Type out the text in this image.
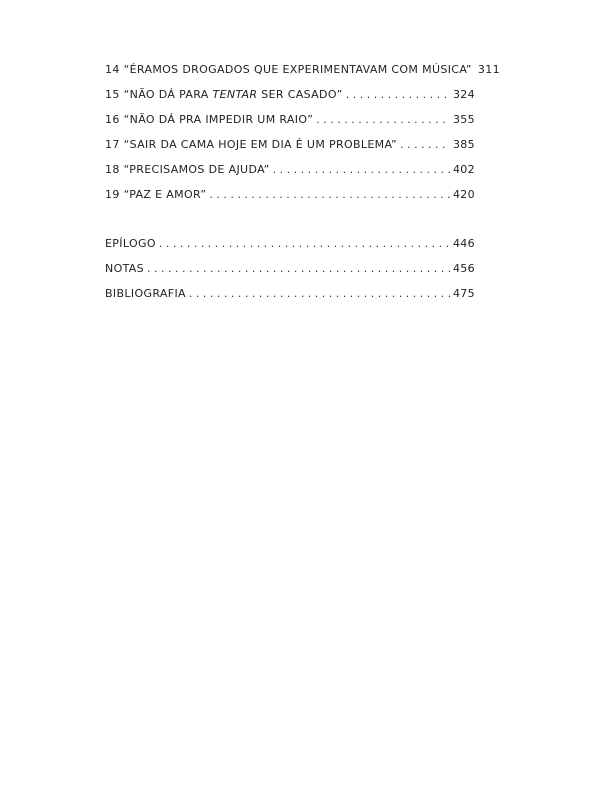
14 “ÉRAMOS DROGADOS QUE EXPERIMENTAVAM COM MÚSICA” 311
15 “NÃO DÁ PARA TENTAR SER CASADO” . . .	324
16 “NÃO DÁ PRA IMPEDIR UM RAIO” . . .	355
17 “SAIR DA CAMA HOJE EM DIA É UM PROBLEMA” . . .	385
18 “PRECISAMOS DE AJUDA” . . .	402
19 “PAZ E AMOR” . . .	420
EPÍLOGO . . .	446
NOTAS . . .	456
BIBLIOGRAFIA . . .	475
